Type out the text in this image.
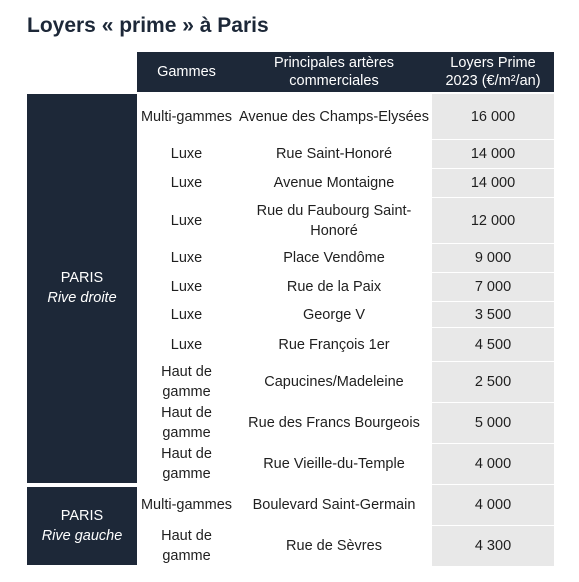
Loyers « prime » à Paris
	Gammes	Principales artères commerciales	Loyers Prime 2023 (€/m²/an)

PARIS
Rive droite	Multi-gammes	Avenue des Champs-Elysées	16 000
	Luxe	Rue Saint-Honoré	14 000
	Luxe	Avenue Montaigne	14 000
	Luxe	Rue du Faubourg Saint-Honoré	12 000
	Luxe	Place Vendôme	9 000
	Luxe	Rue de la Paix	7 000
	Luxe	George V	3 500
	Luxe	Rue François 1er	4 500
	Haut de gamme	Capucines/Madeleine	2 500
	Haut de gamme	Rue des Francs Bourgeois	5 000
	Haut de gamme	Rue Vieille-du-Temple	4 000

PARIS
Rive gauche	Multi-gammes	Boulevard Saint-Germain	4 000
	Haut de gamme	Rue de Sèvres	4 300
